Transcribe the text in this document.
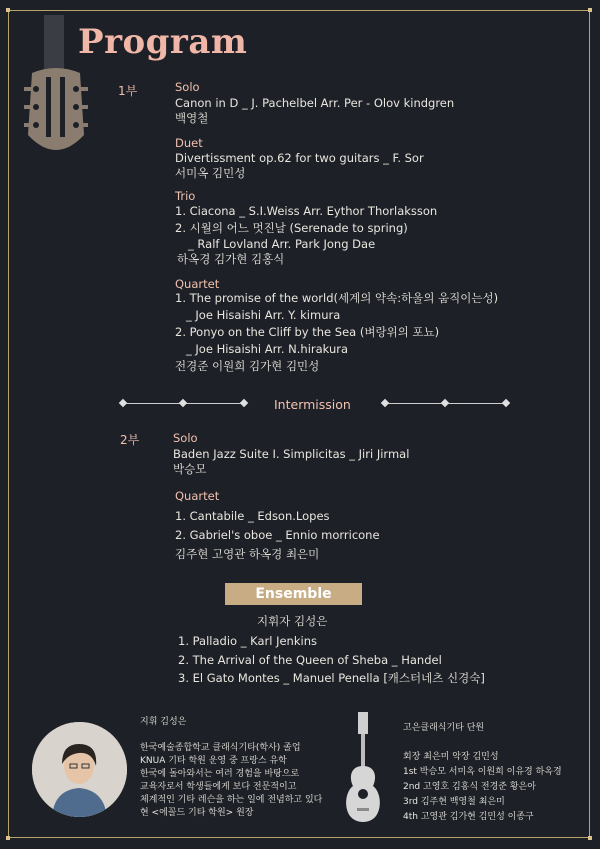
Program
1부	Solo
Canon in D _ J. Pachelbel Arr. Per - Olov kindgren
백영철
Duet
Divertissment op.62 for two guitars _ F. Sor
서미옥 김민성
Trio
1. Ciacona _ S.I.Weiss Arr. Eythor Thorlaksson
2. 시월의 어느 멋진날 (Serenade to spring)
_ Ralf Lovland Arr. Park Jong Dae
하옥경 김가현 김홍식
Quartet
1. The promise of the world(세계의 약속:하울의 움직이는성)
_ Joe Hisaishi Arr. Y. kimura
2. Ponyo on the Cliff by the Sea (벼랑위의 포뇨)
_ Joe Hisaishi Arr. N.hirakura
전경준 이원희 김가현 김민성
Intermission
2부	Solo
Baden Jazz Suite I. Simplicitas _ Jiri Jirmal
박승모
Quartet
1. Cantabile _ Edson.Lopes
2. Gabriel's oboe _ Ennio morricone
김주현 고영관 하옥경 최은미
Ensemble
지휘자 김성은
1. Palladio _ Karl Jenkins
2. The Arrival of the Queen of Sheba _ Handel
3. El Gato Montes _ Manuel Penella [캐스터네츠 신경숙]
지휘 김성은
한국예술종합학교 클래식기타(학사) 졸업
KNUA 기타 학원 운영 중 프랑스 유학
한국에 돌아와서는 여러 경험을 바탕으로
교육자로서 학생들에게 보다 전문적이고
체계적인 기타 레슨을 하는 일에 전념하고 있다
현 <에꼴드 기타 학원> 원장
고은클래식기타 단원
회장 최은미 악장 김민성
1st 박승모 서미옥 이원희 이유경 하옥경
2nd 고영호 김홍식 전경준 황은아
3rd 김주현 백영철 최은미
4th 고영관 김가현 김민성 이종구
